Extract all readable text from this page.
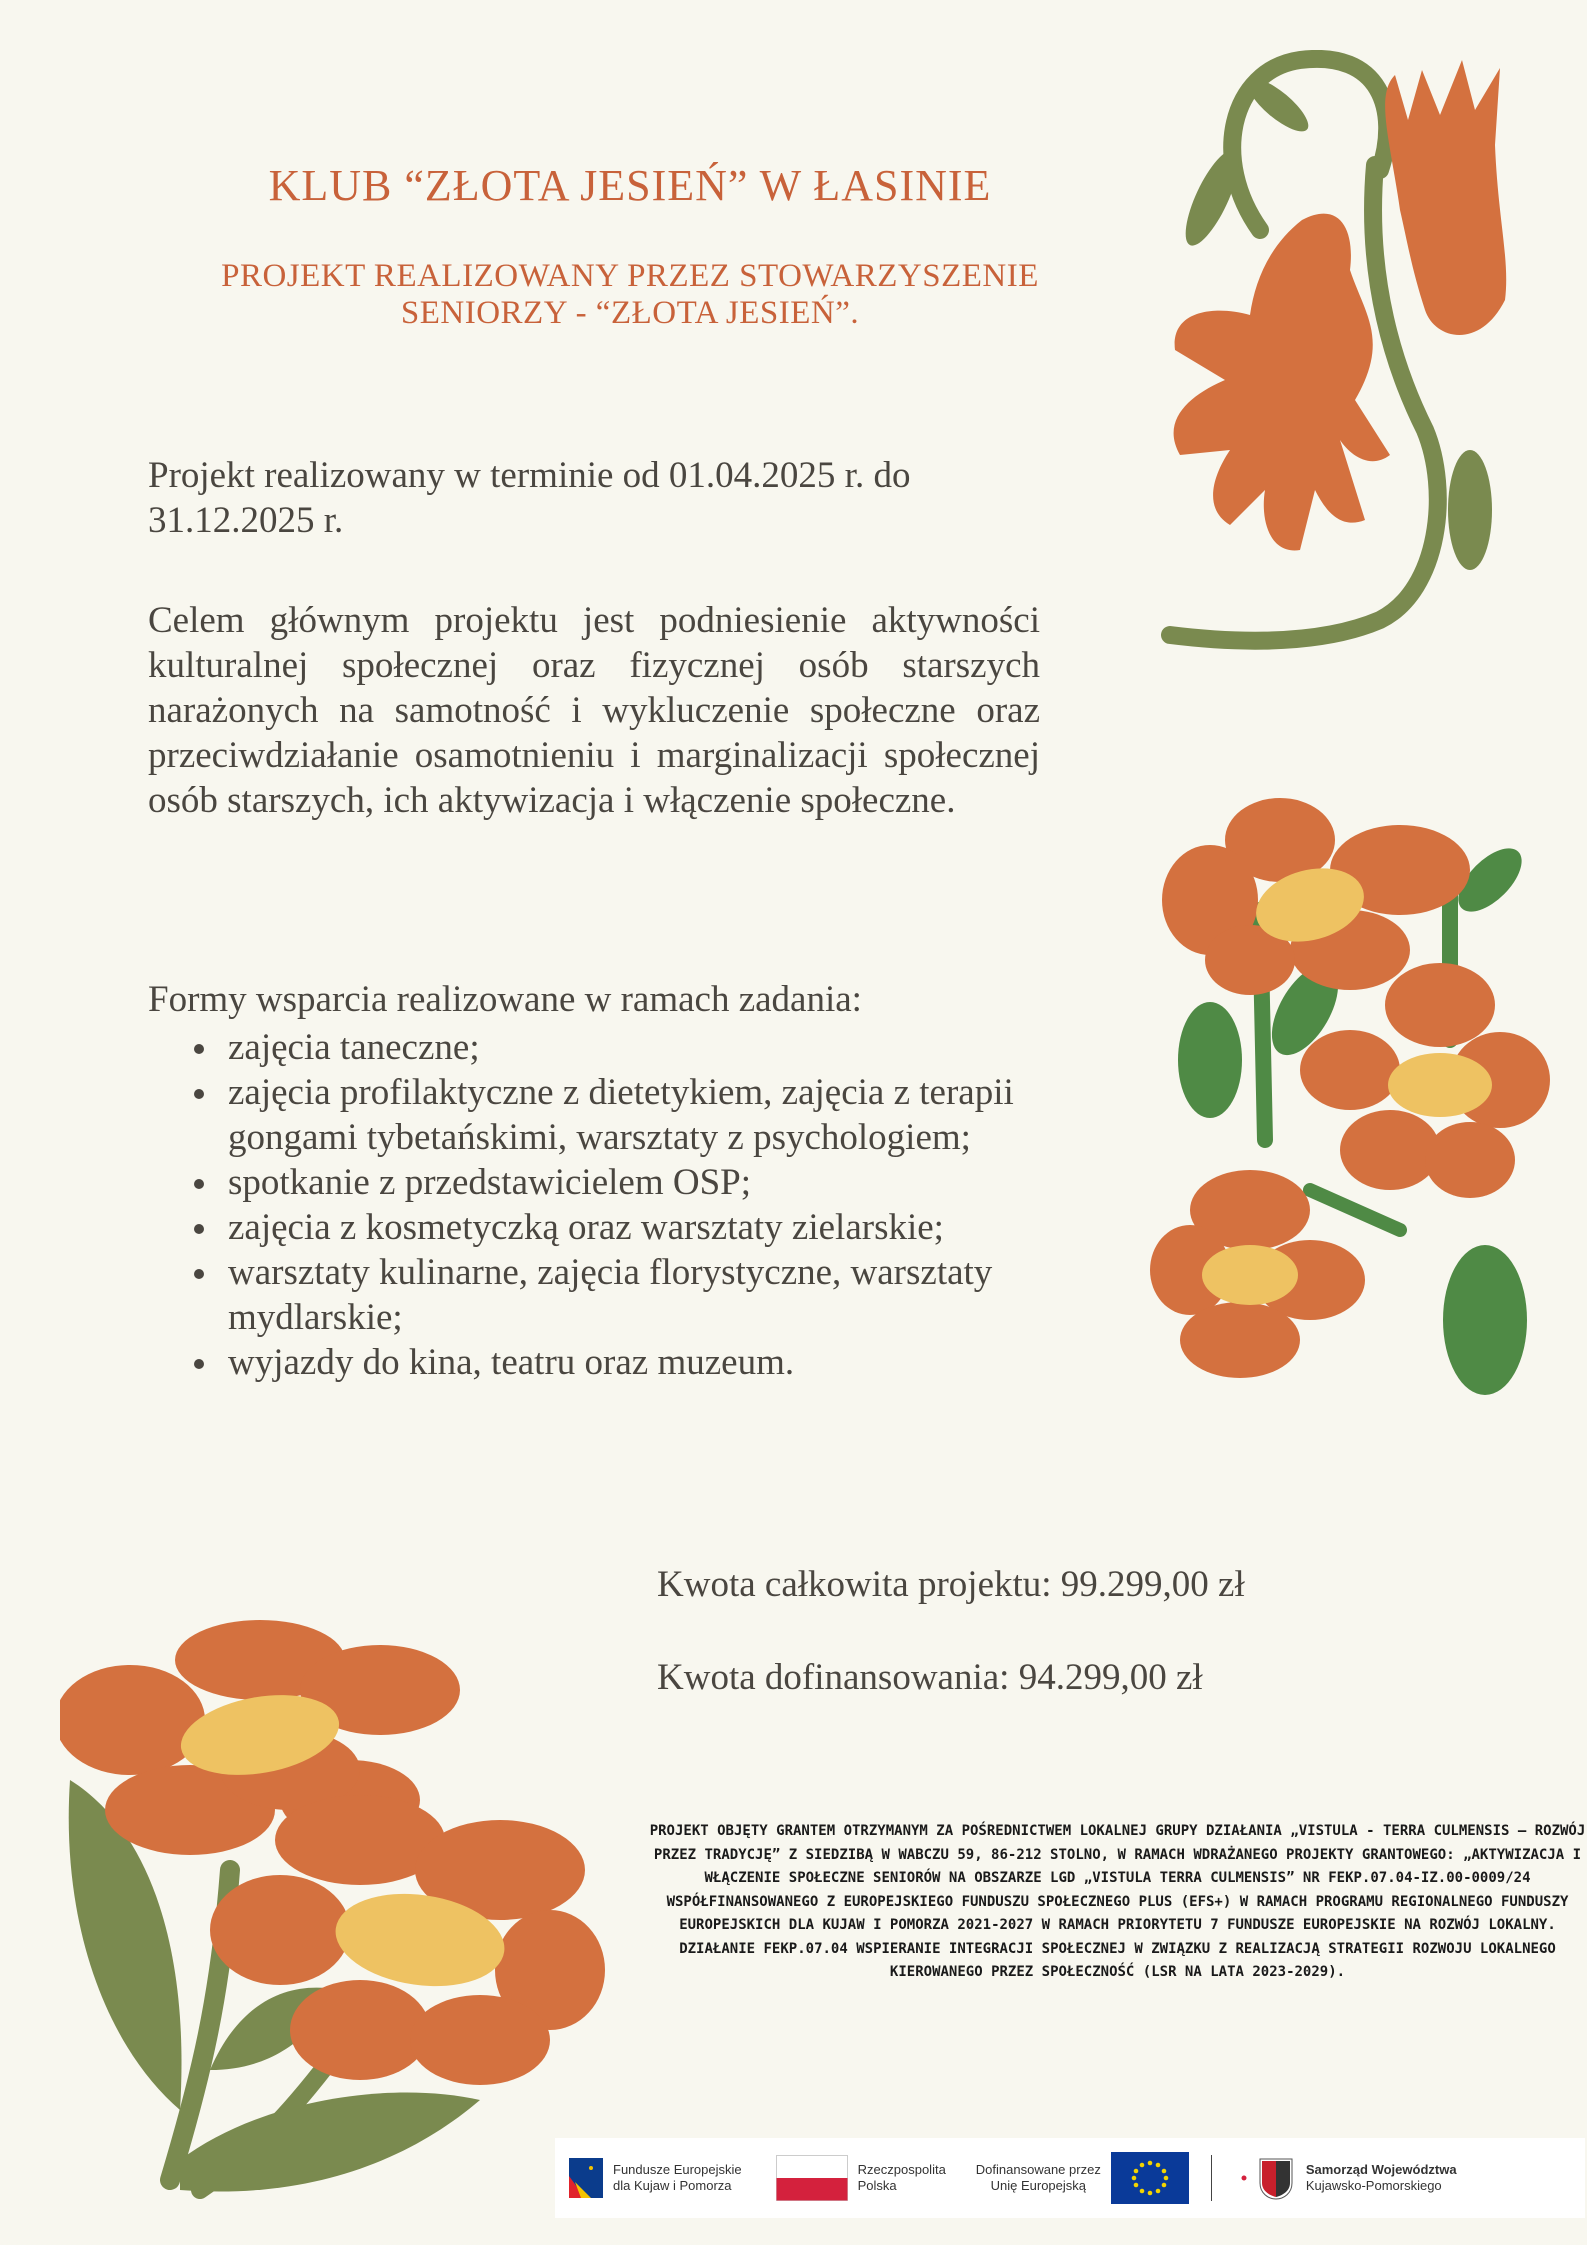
KLUB “ZŁOTA JESIEŃ” W ŁASINIE
PROJEKT REALIZOWANY PRZEZ STOWARZYSZENIE
SENIORZY - “ZŁOTA JESIEŃ”.
Projekt realizowany w terminie od 01.04.2025 r. do 31.12.2025 r.
Celem głównym projektu jest podniesienie aktywności kulturalnej społecznej oraz fizycznej osób starszych narażonych na samotność i wykluczenie społeczne oraz przeciwdziałanie osamotnieniu i marginalizacji społecznej osób starszych, ich aktywizacja i włączenie społeczne.
Formy wsparcia realizowane w ramach zadania:
zajęcia taneczne;
zajęcia profilaktyczne z dietetykiem, zajęcia z terapii gongami tybetańskimi, warsztaty z psychologiem;
spotkanie z przedstawicielem OSP;
zajęcia z kosmetyczką oraz warsztaty zielarskie;
warsztaty kulinarne, zajęcia florystyczne, warsztaty mydlarskie;
wyjazdy do kina, teatru oraz muzeum.
Kwota całkowita projektu: 99.299,00 zł
Kwota dofinansowania: 94.299,00 zł
PROJEKT OBJĘTY GRANTEM OTRZYMANYM ZA POŚREDNICTWEM LOKALNEJ GRUPY DZIAŁANIA „VISTULA - TERRA CULMENSIS – ROZWÓJ PRZEZ TRADYCJĘ” Z SIEDZIBĄ W WABCZU 59, 86-212 STOLNO, W RAMACH WDRAŻANEGO PROJEKTY GRANTOWEGO: „AKTYWIZACJA I WŁĄCZENIE SPOŁECZNE SENIORÓW NA OBSZARZE LGD „VISTULA TERRA CULMENSIS” NR FEKP.07.04-IZ.00-0009/24 WSPÓŁFINANSOWANEGO Z EUROPEJSKIEGO FUNDUSZU SPOŁECZNEGO PLUS (EFS+) W RAMACH PROGRAMU REGIONALNEGO FUNDUSZY EUROPEJSKICH DLA KUJAW I POMORZA 2021-2027 W RAMACH PRIORYTETU 7 FUNDUSZE EUROPEJSKIE NA ROZWÓJ LOKALNY. DZIAŁANIE FEKP.07.04 WSPIERANIE INTEGRACJI SPOŁECZNEJ W ZWIĄZKU Z REALIZACJĄ STRATEGII ROZWOJU LOKALNEGO KIEROWANEGO PRZEZ SPOŁECZNOŚĆ (LSR NA LATA 2023-2029).
Fundusze Europejskie
dla Kujaw i Pomorza
Rzeczpospolita
Polska
Dofinansowane przez
Unię Europejską
Samorząd Województwa
Kujawsko-Pomorskiego
